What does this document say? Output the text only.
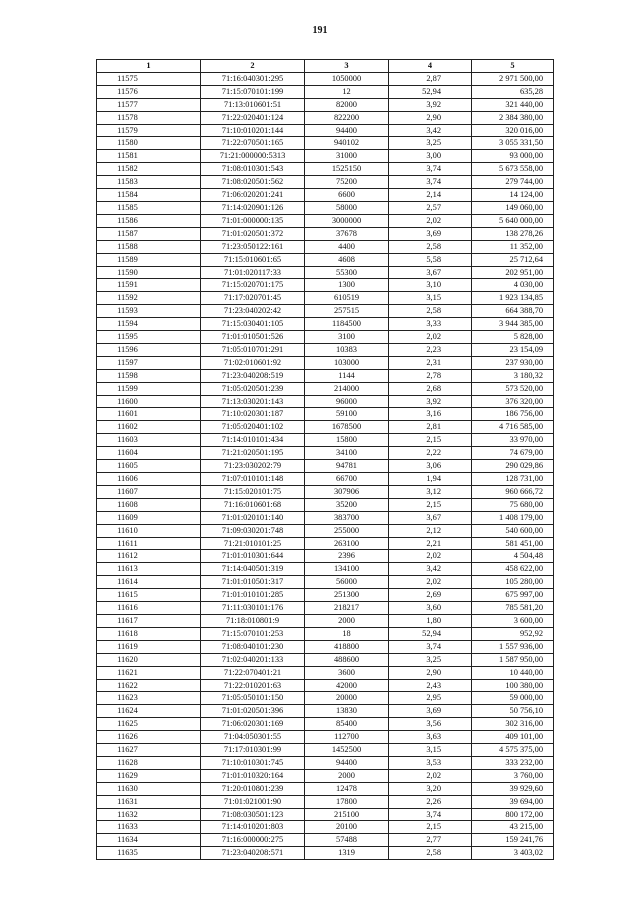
191
1	2	3	4	5
11575	71:16:040301:295	1050000	2,87	2 971 500,00
11576	71:15:070101:199	12	52,94	635,28
11577	71:13:010601:51	82000	3,92	321 440,00
11578	71:22:020401:124	822200	2,90	2 384 380,00
11579	71:10:010201:144	94400	3,42	320 016,00
11580	71:22:070501:165	940102	3,25	3 055 331,50
11581	71:21:000000:5313	31000	3,00	93 000,00
11582	71:08:010301:543	1525150	3,74	5 673 558,00
11583	71:08:020501:562	75200	3,74	279 744,00
11584	71:06:020201:241	6600	2,14	14 124,00
11585	71:14:020901:126	58000	2,57	149 060,00
11586	71:01:000000:135	3000000	2,02	5 640 000,00
11587	71:01:020501:372	37678	3,69	138 278,26
11588	71:23:050122:161	4400	2,58	11 352,00
11589	71:15:010601:65	4608	5,58	25 712,64
11590	71:01:020117:33	55300	3,67	202 951,00
11591	71:15:020701:175	1300	3,10	4 030,00
11592	71:17:020701:45	610519	3,15	1 923 134,85
11593	71:23:040202:42	257515	2,58	664 388,70
11594	71:15:030401:105	1184500	3,33	3 944 385,00
11595	71:01:010501:526	3100	2,02	5 828,00
11596	71:05:010701:291	10383	2,23	23 154,09
11597	71:02:010601:92	103000	2,31	237 930,00
11598	71:23:040208:519	1144	2,78	3 180,32
11599	71:05:020501:239	214000	2,68	573 520,00
11600	71:13:030201:143	96000	3,92	376 320,00
11601	71:10:020301:187	59100	3,16	186 756,00
11602	71:05:020401:102	1678500	2,81	4 716 585,00
11603	71:14:010101:434	15800	2,15	33 970,00
11604	71:21:020501:195	34100	2,22	74 679,00
11605	71:23:030202:79	94781	3,06	290 029,86
11606	71:07:010101:148	66700	1,94	128 731,00
11607	71:15:020101:75	307906	3,12	960 666,72
11608	71:16:010601:68	35200	2,15	75 680,00
11609	71:01:020101:140	383700	3,67	1 408 179,00
11610	71:09:030201:748	255000	2,12	540 600,00
11611	71:21:010101:25	263100	2,21	581 451,00
11612	71:01:010301:644	2396	2,02	4 504,48
11613	71:14:040501:319	134100	3,42	458 622,00
11614	71:01:010501:317	56000	2,02	105 280,00
11615	71:01:010101:285	251300	2,69	675 997,00
11616	71:11:030101:176	218217	3,60	785 581,20
11617	71:18:010801:9	2000	1,80	3 600,00
11618	71:15:070101:253	18	52,94	952,92
11619	71:08:040101:230	418800	3,74	1 557 936,00
11620	71:02:040201:133	488600	3,25	1 587 950,00
11621	71:22:070401:21	3600	2,90	10 440,00
11622	71:22:010201:63	42000	2,43	100 380,00
11623	71:05:050101:150	20000	2,95	59 000,00
11624	71:01:020501:396	13830	3,69	50 756,10
11625	71:06:020301:169	85400	3,56	302 316,00
11626	71:04:050301:55	112700	3,63	409 101,00
11627	71:17:010301:99	1452500	3,15	4 575 375,00
11628	71:10:010301:745	94400	3,53	333 232,00
11629	71:01:010320:164	2000	2,02	3 760,00
11630	71:20:010801:239	12478	3,20	39 929,60
11631	71:01:021001:90	17800	2,26	39 694,00
11632	71:08:030501:123	215100	3,74	800 172,00
11633	71:14:010201:803	20100	2,15	43 215,00
11634	71:16:000000:275	57488	2,77	159 241,76
11635	71:23:040208:571	1319	2,58	3 403,02
